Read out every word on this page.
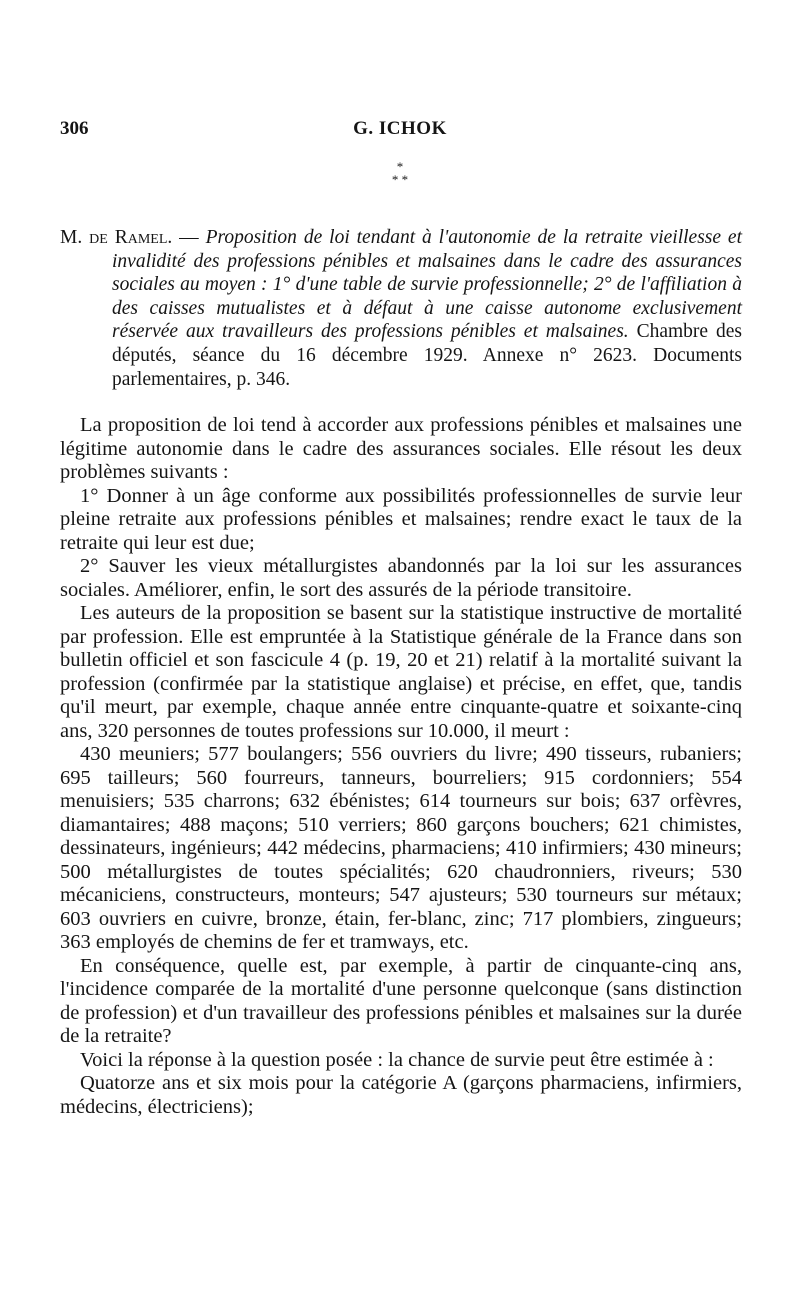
306	G. ICHOK
*
* *
M. de Ramel. — Proposition de loi tendant à l'autonomie de la retraite vieillesse et invalidité des professions pénibles et malsaines dans le cadre des assurances sociales au moyen : 1° d'une table de survie professionnelle; 2° de l'affiliation à des caisses mutualistes et à défaut à une caisse autonome exclusivement réservée aux travailleurs des professions pénibles et malsaines. Chambre des députés, séance du 16 décembre 1929. Annexe n° 2623. Documents parlementaires, p. 346.

La proposition de loi tend à accorder aux professions pénibles et malsaines une légitime autonomie dans le cadre des assurances sociales. Elle résout les deux problèmes suivants :

1° Donner à un âge conforme aux possibilités professionnelles de survie leur pleine retraite aux professions pénibles et malsaines; rendre exact le taux de la retraite qui leur est due;

2° Sauver les vieux métallurgistes abandonnés par la loi sur les assurances sociales. Améliorer, enfin, le sort des assurés de la période transitoire.

Les auteurs de la proposition se basent sur la statistique instructive de mortalité par profession. Elle est empruntée à la Statistique générale de la France dans son bulletin officiel et son fascicule 4 (p. 19, 20 et 21) relatif à la mortalité suivant la profession (confirmée par la statistique anglaise) et précise, en effet, que, tandis qu'il meurt, par exemple, chaque année entre cinquante-quatre et soixante-cinq ans, 320 personnes de toutes professions sur 10.000, il meurt :

430 meuniers; 577 boulangers; 556 ouvriers du livre; 490 tisseurs, rubaniers; 695 tailleurs; 560 fourreurs, tanneurs, bourreliers; 915 cordonniers; 554 menuisiers; 535 charrons; 632 ébénistes; 614 tourneurs sur bois; 637 orfèvres, diamantaires; 488 maçons; 510 verriers; 860 garçons bouchers; 621 chimistes, dessinateurs, ingénieurs; 442 médecins, pharmaciens; 410 infirmiers; 430 mineurs; 500 métallurgistes de toutes spécialités; 620 chaudronniers, riveurs; 530 mécaniciens, constructeurs, monteurs; 547 ajusteurs; 530 tourneurs sur métaux; 603 ouvriers en cuivre, bronze, étain, fer-blanc, zinc; 717 plombiers, zingueurs; 363 employés de chemins de fer et tramways, etc.

En conséquence, quelle est, par exemple, à partir de cinquante-cinq ans, l'incidence comparée de la mortalité d'une personne quelconque (sans distinction de profession) et d'un travailleur des professions pénibles et malsaines sur la durée de la retraite?

Voici la réponse à la question posée : la chance de survie peut être estimée à :

Quatorze ans et six mois pour la catégorie A (garçons pharmaciens, infirmiers, médecins, électriciens);
